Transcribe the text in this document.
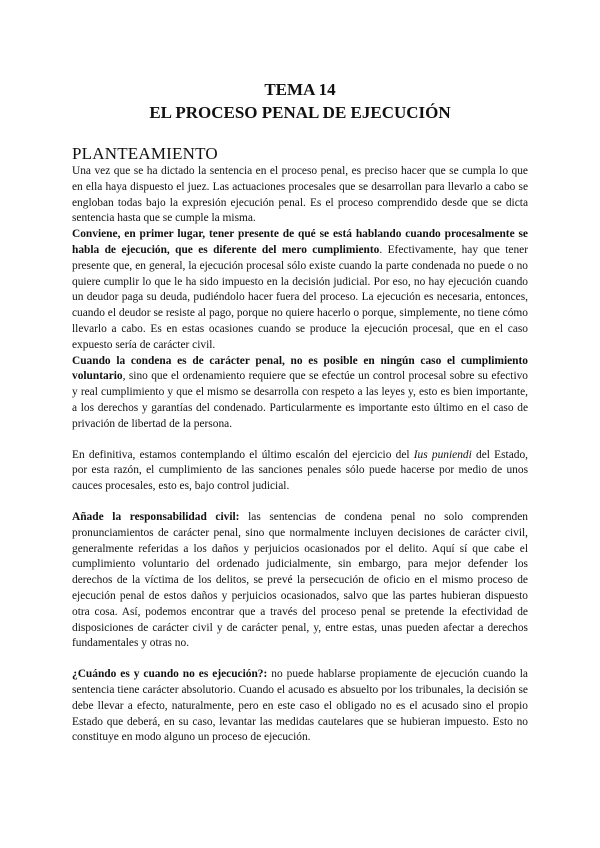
TEMA 14
EL PROCESO PENAL DE EJECUCIÓN
PLANTEAMIENTO

Una vez que se ha dictado la sentencia en el proceso penal, es preciso hacer que se cumpla lo que en ella haya dispuesto el juez. Las actuaciones procesales que se desarrollan para llevarlo a cabo se engloban todas bajo la expresión ejecución penal. Es el proceso comprendido desde que se dicta sentencia hasta que se cumple la misma.

Conviene, en primer lugar, tener presente de qué se está hablando cuando procesalmente se habla de ejecución, que es diferente del mero cumplimiento. Efectivamente, hay que tener presente que, en general, la ejecución procesal sólo existe cuando la parte condenada no puede o no quiere cumplir lo que le ha sido impuesto en la decisión judicial. Por eso, no hay ejecución cuando un deudor paga su deuda, pudiéndolo hacer fuera del proceso. La ejecución es necesaria, entonces, cuando el deudor se resiste al pago, porque no quiere hacerlo o porque, simplemente, no tiene cómo llevarlo a cabo. Es en estas ocasiones cuando se produce la ejecución procesal, que en el caso expuesto sería de carácter civil.

Cuando la condena es de carácter penal, no es posible en ningún caso el cumplimiento voluntario, sino que el ordenamiento requiere que se efectúe un control procesal sobre su efectivo y real cumplimiento y que el mismo se desarrolla con respeto a las leyes y, esto es bien importante, a los derechos y garantías del condenado. Particularmente es importante esto último en el caso de privación de libertad de la persona.

En definitiva, estamos contemplando el último escalón del ejercicio del Ius puniendi del Estado, por esta razón, el cumplimiento de las sanciones penales sólo puede hacerse por medio de unos cauces procesales, esto es, bajo control judicial.

Añade la responsabilidad civil: las sentencias de condena penal no solo comprenden pronunciamientos de carácter penal, sino que normalmente incluyen decisiones de carácter civil, generalmente referidas a los daños y perjuicios ocasionados por el delito. Aquí sí que cabe el cumplimiento voluntario del ordenado judicialmente, sin embargo, para mejor defender los derechos de la víctima de los delitos, se prevé la persecución de oficio en el mismo proceso de ejecución penal de estos daños y perjuicios ocasionados, salvo que las partes hubieran dispuesto otra cosa. Así, podemos encontrar que a través del proceso penal se pretende la efectividad de disposiciones de carácter civil y de carácter penal, y, entre estas, unas pueden afectar a derechos fundamentales y otras no.

¿Cuándo es y cuando no es ejecución?: no puede hablarse propiamente de ejecución cuando la sentencia tiene carácter absolutorio. Cuando el acusado es absuelto por los tribunales, la decisión se debe llevar a efecto, naturalmente, pero en este caso el obligado no es el acusado sino el propio Estado que deberá, en su caso, levantar las medidas cautelares que se hubieran impuesto. Esto no constituye en modo alguno un proceso de ejecución.
